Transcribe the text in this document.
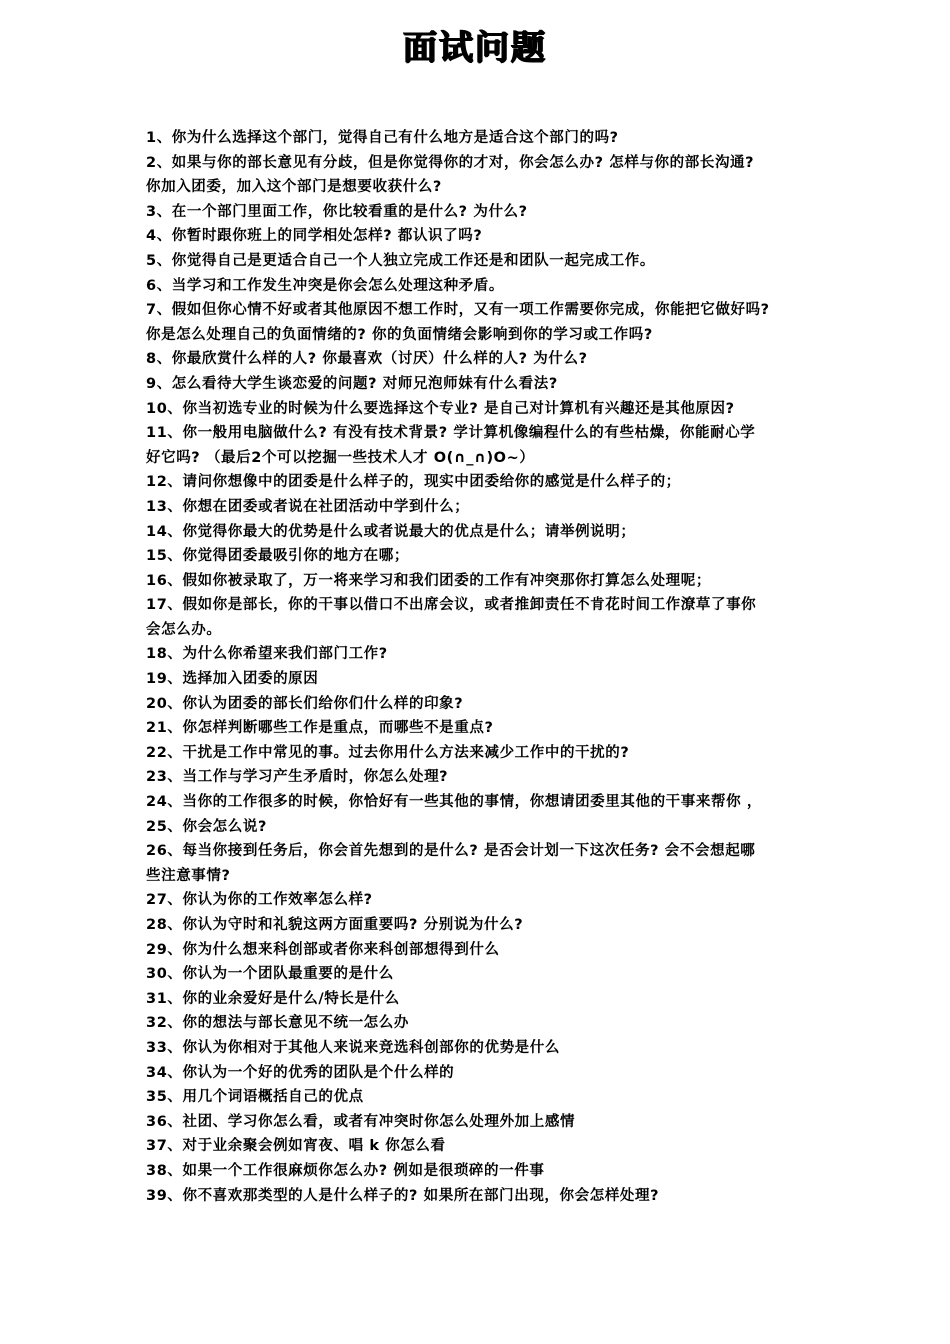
面试问题
1、你为什么选择这个部门，觉得自己有什么地方是适合这个部门的吗?
2、如果与你的部长意见有分歧，但是你觉得你的才对，你会怎么办? 怎样与你的部长沟通?
你加入团委，加入这个部门是想要收获什么?
3、在一个部门里面工作，你比较看重的是什么? 为什么?
4、你暂时跟你班上的同学相处怎样? 都认识了吗?
5、你觉得自己是更适合自己一个人独立完成工作还是和团队一起完成工作。
6、当学习和工作发生冲突是你会怎么处理这种矛盾。
7、假如但你心情不好或者其他原因不想工作时，又有一项工作需要你完成，你能把它做好吗?
你是怎么处理自己的负面情绪的? 你的负面情绪会影响到你的学习或工作吗?
8、你最欣赏什么样的人? 你最喜欢（讨厌）什么样的人? 为什么?
9、怎么看待大学生谈恋爱的问题? 对师兄泡师妹有什么看法?
10、你当初选专业的时候为什么要选择这个专业? 是自己对计算机有兴趣还是其他原因?
11、你一般用电脑做什么? 有没有技术背景? 学计算机像编程什么的有些枯燥，你能耐心学
好它吗? （最后2个可以挖掘一些技术人才 O(∩_∩)O~）
12、请问你想像中的团委是什么样子的，现实中团委给你的感觉是什么样子的；
13、你想在团委或者说在社团活动中学到什么；
14、你觉得你最大的优势是什么或者说最大的优点是什么；请举例说明；
15、你觉得团委最吸引你的地方在哪；
16、假如你被录取了，万一将来学习和我们团委的工作有冲突那你打算怎么处理呢；
17、假如你是部长，你的干事以借口不出席会议，或者推卸责任不肯花时间工作潦草了事你
会怎么办。
18、为什么你希望来我们部门工作?
19、选择加入团委的原因
20、你认为团委的部长们给你们什么样的印象?
21、你怎样判断哪些工作是重点，而哪些不是重点?
22、干扰是工作中常见的事。过去你用什么方法来减少工作中的干扰的?
23、当工作与学习产生矛盾时，你怎么处理?
24、当你的工作很多的时候，你恰好有一些其他的事情，你想请团委里其他的干事来帮你 ，
25、你会怎么说?
26、每当你接到任务后，你会首先想到的是什么? 是否会计划一下这次任务? 会不会想起哪
些注意事情?
27、你认为你的工作效率怎么样?
28、你认为守时和礼貌这两方面重要吗? 分别说为什么?
29、你为什么想来科创部或者你来科创部想得到什么
30、你认为一个团队最重要的是什么
31、你的业余爱好是什么/特长是什么
32、你的想法与部长意见不统一怎么办
33、你认为你相对于其他人来说来竞选科创部你的优势是什么
34、你认为一个好的优秀的团队是个什么样的
35、用几个词语概括自己的优点
36、社团、学习你怎么看，或者有冲突时你怎么处理外加上感情
37、对于业余聚会例如宵夜、唱 k 你怎么看
38、如果一个工作很麻烦你怎么办? 例如是很琐碎的一件事
39、你不喜欢那类型的人是什么样子的? 如果所在部门出现，你会怎样处理?
